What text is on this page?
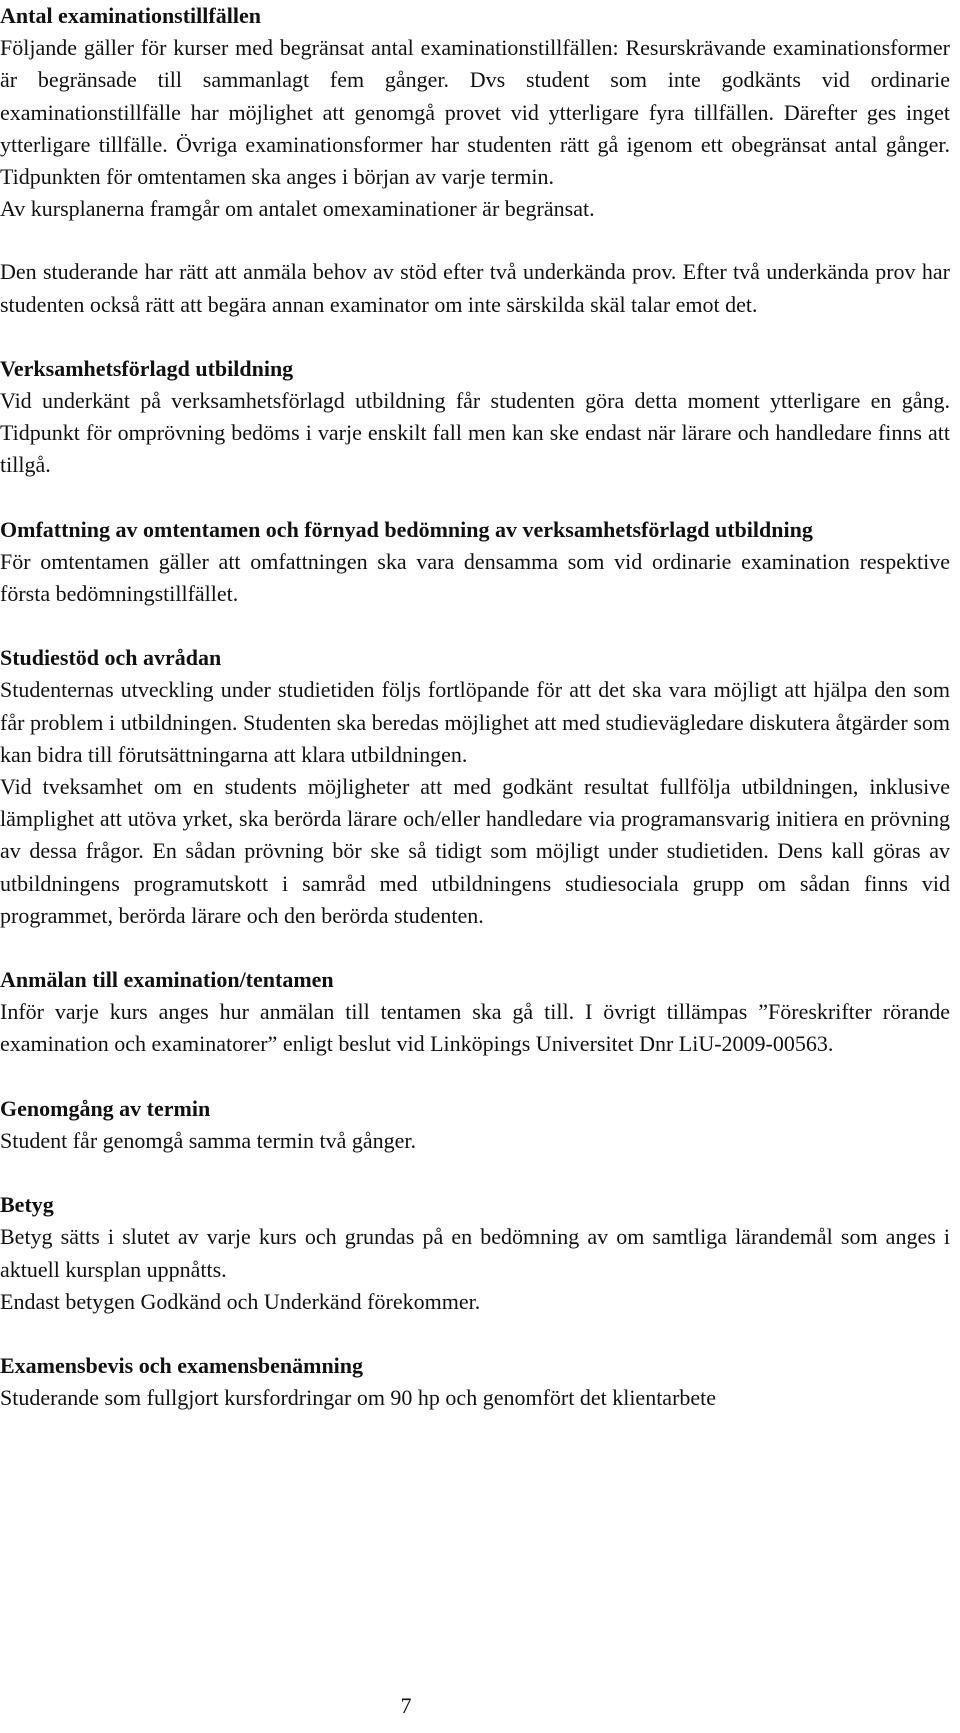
Antal examinationstillfällen

Följande gäller för kurser med begränsat antal examinationstillfällen: Resurskrävande examinationsformer är begränsade till sammanlagt fem gånger. Dvs student som inte godkänts vid ordinarie examinationstillfälle har möjlighet att genomgå provet vid ytterligare fyra tillfällen. Därefter ges inget ytterligare tillfälle. Övriga examinationsformer har studenten rätt gå igenom ett obegränsat antal gånger. Tidpunkten för omtentamen ska anges i början av varje termin.

Av kursplanerna framgår om antalet omexaminationer är begränsat.

Den studerande har rätt att anmäla behov av stöd efter två underkända prov. Efter två underkända prov har studenten också rätt att begära annan examinator om inte särskilda skäl talar emot det.

Verksamhetsförlagd utbildning

Vid underkänt på verksamhetsförlagd utbildning får studenten göra detta moment ytterligare en gång. Tidpunkt för omprövning bedöms i varje enskilt fall men kan ske endast när lärare och handledare finns att tillgå.

Omfattning av omtentamen och förnyad bedömning av verksamhetsförlagd utbildning

För omtentamen gäller att omfattningen ska vara densamma som vid ordinarie examination respektive första bedömningstillfället.

Studiestöd och avrådan

Studenternas utveckling under studietiden följs fortlöpande för att det ska vara möjligt att hjälpa den som får problem i utbildningen. Studenten ska beredas möjlighet att med studievägledare diskutera åtgärder som kan bidra till förutsättningarna att klara utbildningen.

Vid tveksamhet om en students möjligheter att med godkänt resultat fullfölja utbildningen, inklusive lämplighet att utöva yrket, ska berörda lärare och/eller handledare via programansvarig initiera en prövning av dessa frågor. En sådan prövning bör ske så tidigt som möjligt under studietiden. Dens kall göras av utbildningens programutskott i samråd med utbildningens studiesociala grupp om sådan finns vid programmet, berörda lärare och den berörda studenten.

Anmälan till examination/tentamen

Inför varje kurs anges hur anmälan till tentamen ska gå till. I övrigt tillämpas ”Föreskrifter rörande examination och examinatorer” enligt beslut vid Linköpings Universitet Dnr LiU-2009-00563.

Genomgång av termin

Student får genomgå samma termin två gånger.

Betyg

Betyg sätts i slutet av varje kurs och grundas på en bedömning av om samtliga lärandemål som anges i aktuell kursplan uppnåtts.

Endast betygen Godkänd och Underkänd förekommer.

Examensbevis och examensbenämning

Studerande som fullgjort kursfordringar om 90 hp och genomfört det klientarbete

7
